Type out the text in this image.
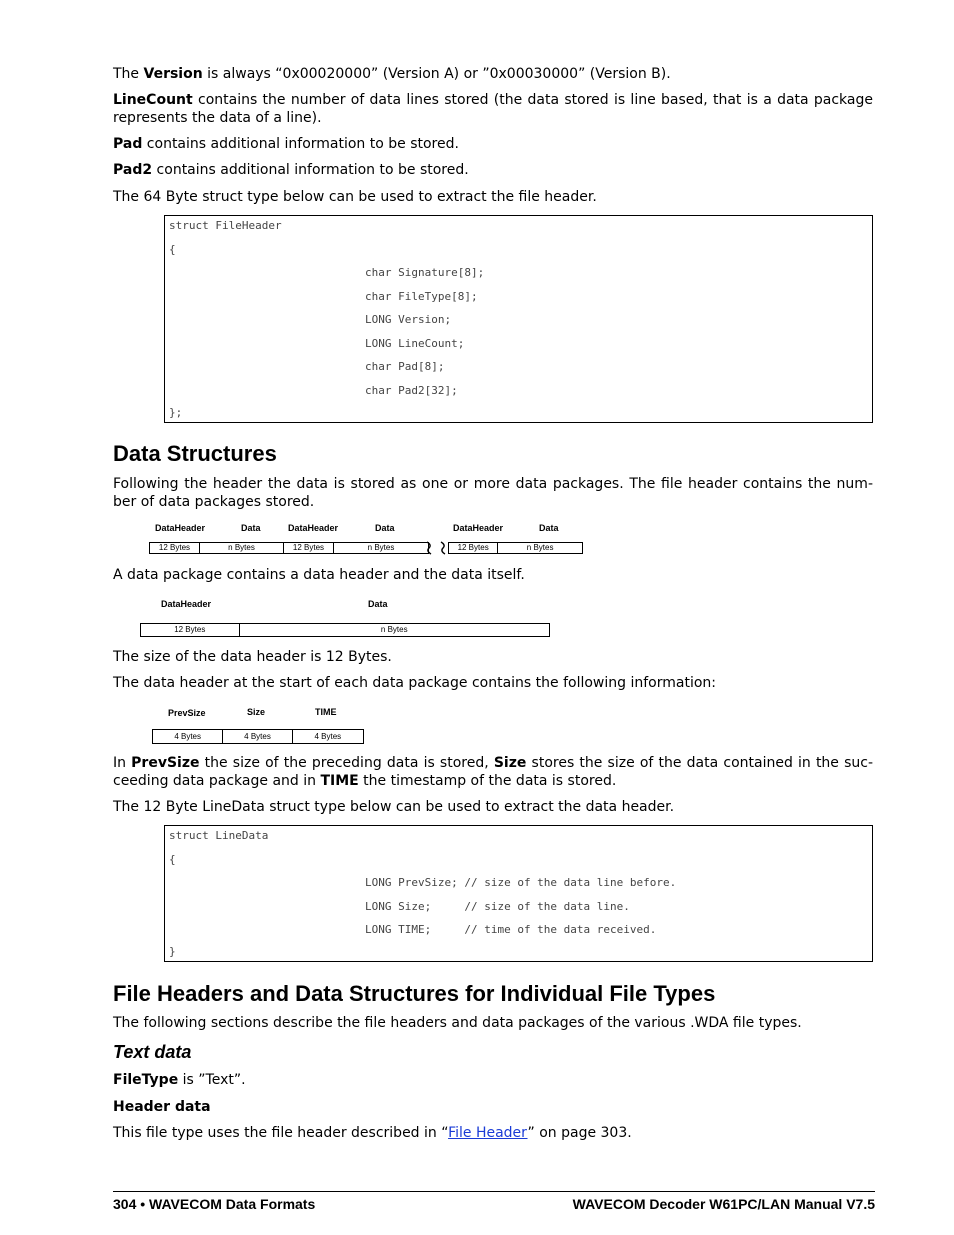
The Version is always “0x00020000” (Version A) or ”0x00030000” (Version B).

LineCount contains the number of data lines stored (the data stored is line based, that is a data package represents the data of a line).

Pad contains additional information to be stored.

Pad2 contains additional information to be stored.

The 64 Byte struct type below can be used to extract the file header.

struct FileHeader
{
char Signature[8];
char FileType[8];
LONG Version;
LONG LineCount;
char Pad[8];
char Pad2[32];
};
Data Structures

Following the header the data is stored as one or more data packages. The file header contains the num-ber of data packages stored.

DataHeader	Data	DataHeader	Data	DataHeader	Data
12 Bytes	n Bytes	12 Bytes	n Bytes	12 Bytes	n Bytes

A data package contains a data header and the data itself.

DataHeader	Data
12 Bytes	n Bytes

The size of the data header is 12 Bytes.

The data header at the start of each data package contains the following information:

PrevSize	Size	TIME
4 Bytes	4 Bytes	4 Bytes

In PrevSize the size of the preceding data is stored, Size stores the size of the data contained in the suc-ceeding data package and in TIME the timestamp of the data is stored.

The 12 Byte LineData struct type below can be used to extract the data header.

struct LineData
{
LONG PrevSize; // size of the data line before.
LONG Size;     // size of the data line.
LONG TIME;     // time of the data received.
}
File Headers and Data Structures for Individual File Types

The following sections describe the file headers and data packages of the various .WDA file types.

Text data

FileType is ”Text”.

Header data

This file type uses the file header described in “File Header” on page 303.

304 • WAVECOM Data Formats	WAVECOM Decoder W61PC/LAN Manual V7.5
